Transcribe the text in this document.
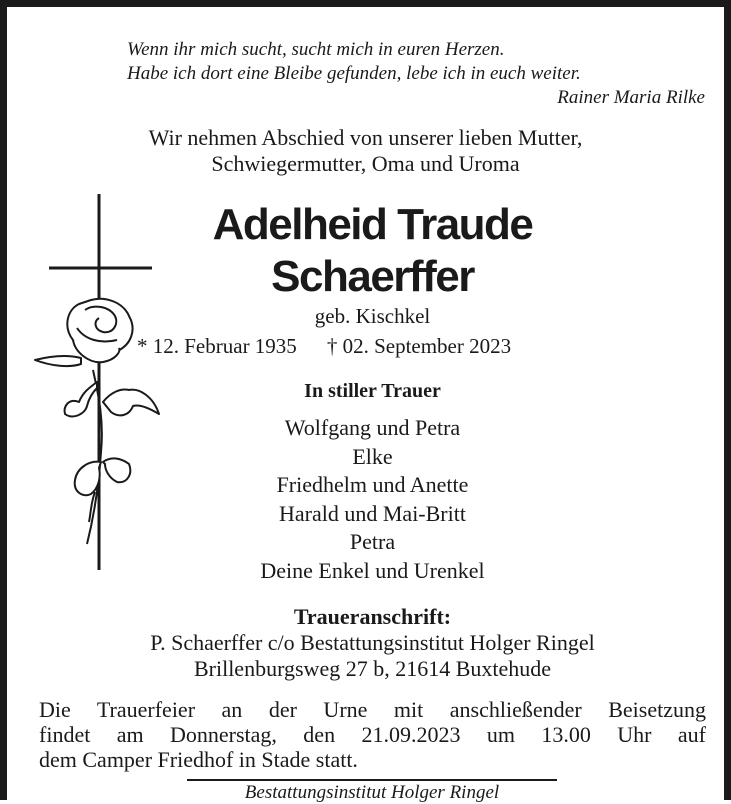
Wenn ihr mich sucht, sucht mich in euren Herzen.
Habe ich dort eine Bleibe gefunden, lebe ich in euch weiter.
Rainer Maria Rilke
Wir nehmen Abschied von unserer lieben Mutter,
Schwiegermutter, Oma und Uroma
Adelheid Traude
Schaerffer
geb. Kischkel
* 12. Februar 1935 † 02. September 2023
In stiller Trauer
Wolfgang und Petra
Elke
Friedhelm und Anette
Harald und Mai-Britt
Petra
Deine Enkel und Urenkel
Traueranschrift:
P. Schaerffer c/o Bestattungsinstitut Holger Ringel
Brillenburgsweg 27 b, 21614 Buxtehude
Die Trauerfeier an der Urne mit anschließender Beisetzung
findet am Donnerstag, den 21.09.2023 um 13.00 Uhr auf
dem Camper Friedhof in Stade statt.
Bestattungsinstitut Holger Ringel
